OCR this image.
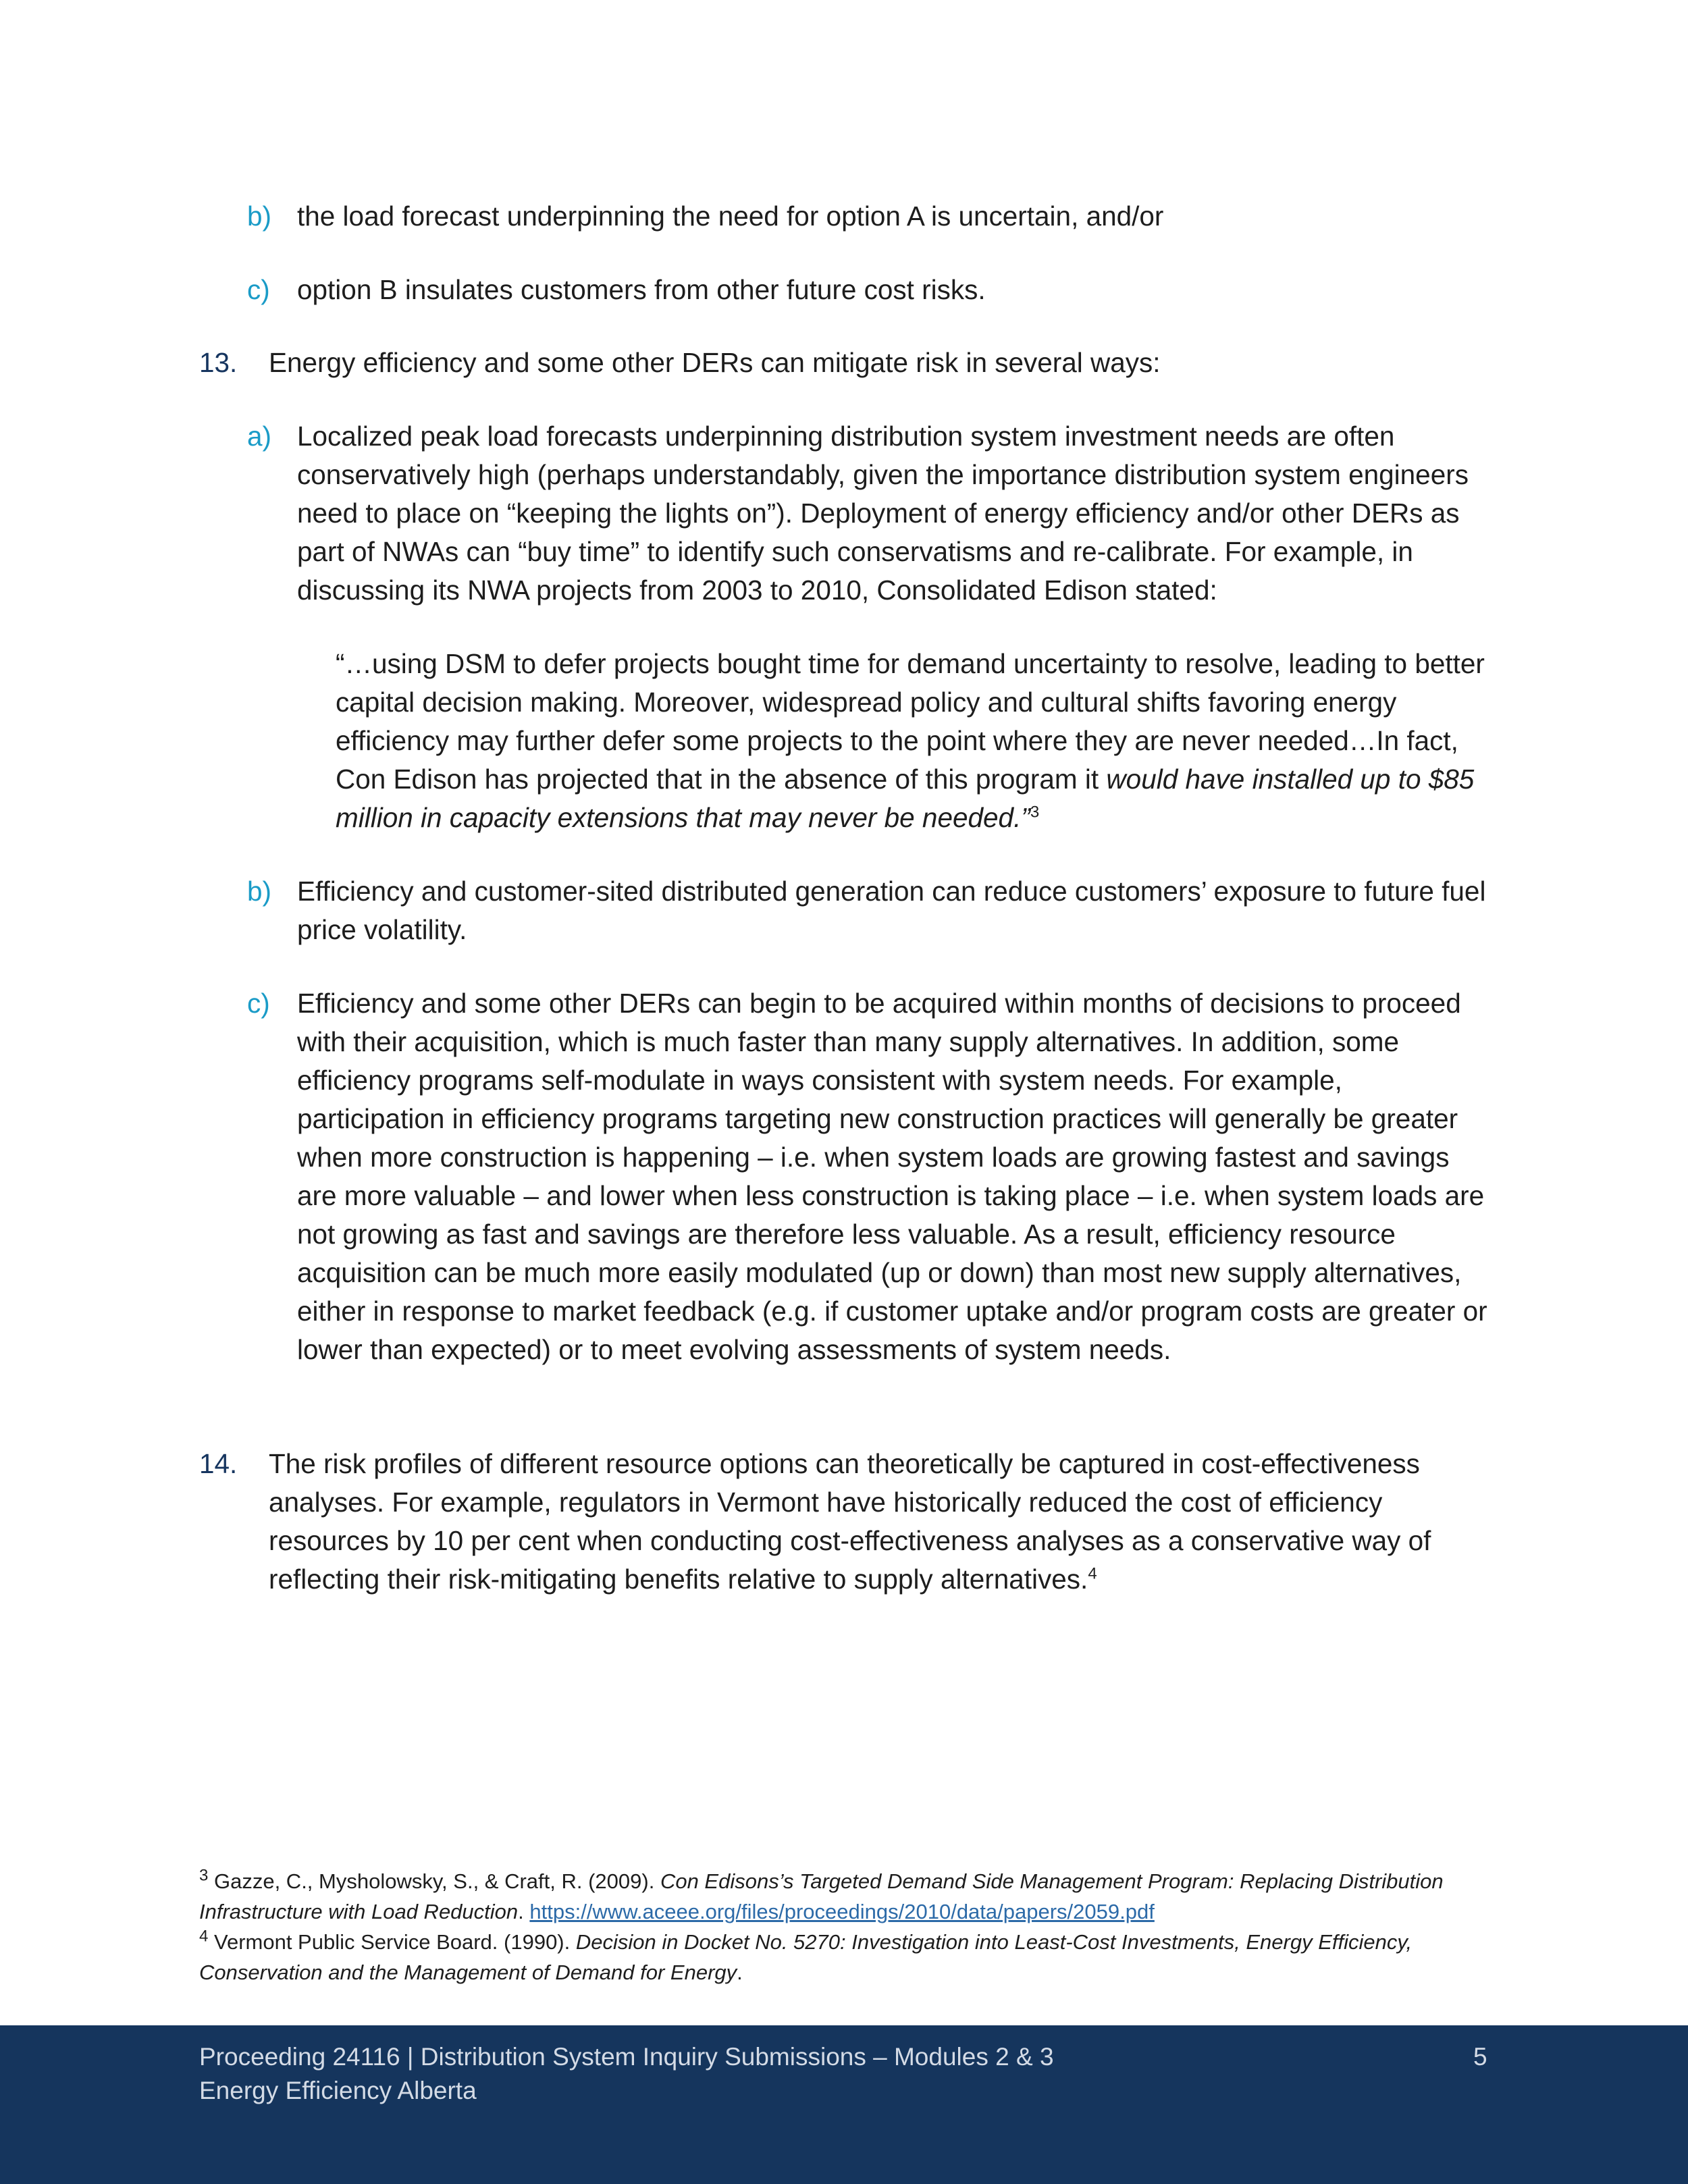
b) the load forecast underpinning the need for option A is uncertain, and/or
c) option B insulates customers from other future cost risks.
13. Energy efficiency and some other DERs can mitigate risk in several ways:
a) Localized peak load forecasts underpinning distribution system investment needs are often conservatively high (perhaps understandably, given the importance distribution system engineers need to place on “keeping the lights on”). Deployment of energy efficiency and/or other DERs as part of NWAs can “buy time” to identify such conservatisms and re-calibrate. For example, in discussing its NWA projects from 2003 to 2010, Consolidated Edison stated:
“…using DSM to defer projects bought time for demand uncertainty to resolve, leading to better capital decision making. Moreover, widespread policy and cultural shifts favoring energy efficiency may further defer some projects to the point where they are never needed…In fact, Con Edison has projected that in the absence of this program it would have installed up to $85 million in capacity extensions that may never be needed.”$^3$
b) Efficiency and customer-sited distributed generation can reduce customers’ exposure to future fuel price volatility.
c) Efficiency and some other DERs can begin to be acquired within months of decisions to proceed with their acquisition, which is much faster than many supply alternatives. In addition, some efficiency programs self-modulate in ways consistent with system needs. For example, participation in efficiency programs targeting new construction practices will generally be greater when more construction is happening – i.e. when system loads are growing fastest and savings are more valuable – and lower when less construction is taking place – i.e. when system loads are not growing as fast and savings are therefore less valuable. As a result, efficiency resource acquisition can be much more easily modulated (up or down) than most new supply alternatives, either in response to market feedback (e.g. if customer uptake and/or program costs are greater or lower than expected) or to meet evolving assessments of system needs.
14. The risk profiles of different resource options can theoretically be captured in cost-effectiveness analyses. For example, regulators in Vermont have historically reduced the cost of efficiency resources by 10 per cent when conducting cost-effectiveness analyses as a conservative way of reflecting their risk-mitigating benefits relative to supply alternatives.$^4$
$^3$ Gazze, C., Mysholowsky, S., & Craft, R. (2009). Con Edisons’s Targeted Demand Side Management Program: Replacing Distribution Infrastructure with Load Reduction. https://www.aceee.org/files/proceedings/2010/data/papers/2059.pdf
$^4$ Vermont Public Service Board. (1990). Decision in Docket No. 5270: Investigation into Least-Cost Investments, Energy Efficiency, Conservation and the Management of Demand for Energy.
Proceeding 24116 | Distribution System Inquiry Submissions – Modules 2 & 3
Energy Efficiency Alberta
5
